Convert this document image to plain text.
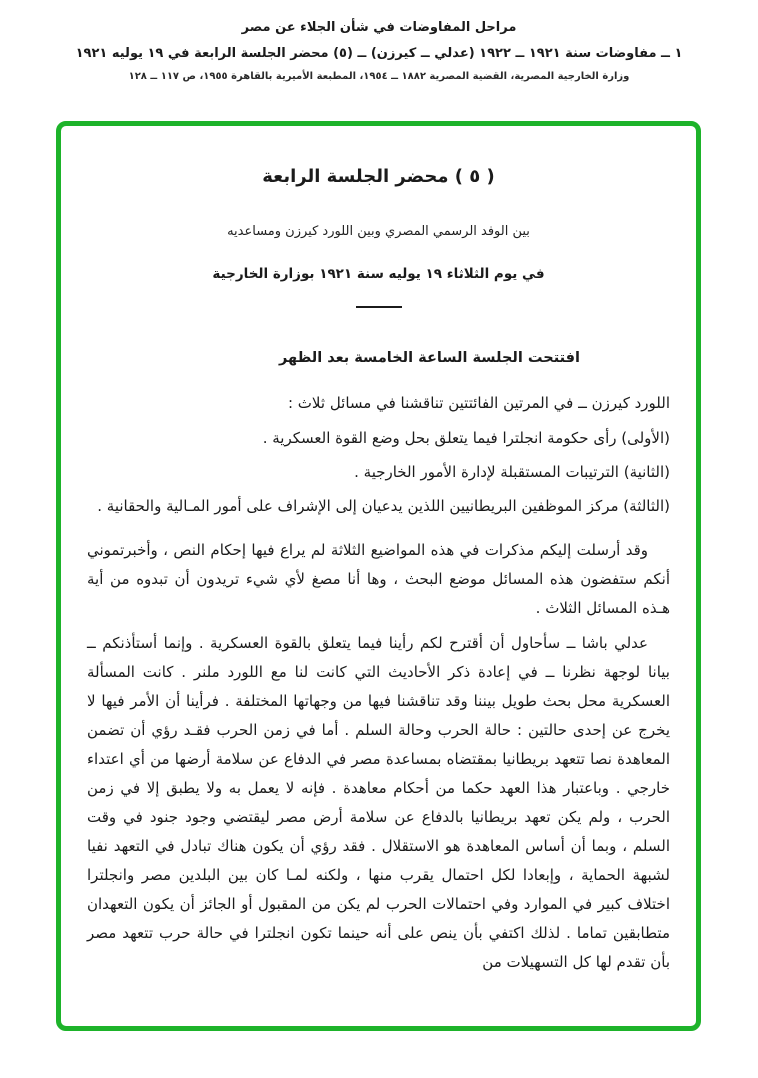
مراحل المفاوضات في شأن الجلاء عن مصر
١ ــ مفاوضات سنة ١٩٢١ ــ ١٩٢٢ (عدلي ــ كيرزن) ــ (٥) محضر الجلسة الرابعة في ١٩ يوليه ١٩٢١
وزارة الخارجية المصرية، القضية المصرية ١٨٨٢ ــ ١٩٥٤، المطبعة الأميرية بالقاهرة ١٩٥٥، ص ١١٧ ــ ١٢٨
( ٥ ) محضر الجلسة الرابعة
بين الوفد الرسمي المصري وبين اللورد كيرزن ومساعديه
في يوم الثلاثاء ١٩ يوليه سنة ١٩٢١ بوزارة الخارجية

افتتحت الجلسة الساعة الخامسة بعد الظهر

اللورد كيرزن ــ في المرتين الفائتتين تناقشنا في مسائل ثلاث :

(الأولى) رأى حكومة انجلترا فيما يتعلق بحل وضع القوة العسكرية .

(الثانية) الترتيبات المستقبلة لإدارة الأمور الخارجية .

(الثالثة) مركز الموظفين البريطانيين اللذين يدعيان إلى الإشراف على أمور المـالية والحقانية .

وقد أرسلت إليكم مذكرات في هذه المواضيع الثلاثة لم يراع فيها إحكام النص ، وأخبرتموني أنكم ستفضون هذه المسائل موضع البحث ، وها أنا مصغ لأي شيء تريدون أن تبدوه من أية هـذه المسائل الثلاث .

عدلي باشا ــ سأحاول أن أقترح لكم رأينا فيما يتعلق بالقوة العسكرية . وإنما أستأذنكم ــ بيانا لوجهة نظرنا ــ في إعادة ذكر الأحاديث التي كانت لنا مع اللورد ملنر . كانت المسألة العسكرية محل بحث طويل بيننا وقد تناقشنا فيها من وجهاتها المختلفة . فرأينا أن الأمر فيها لا يخرج عن إحدى حالتين : حالة الحرب وحالة السلم . أما في زمن الحرب فقـد رؤي أن تضمن المعاهدة نصا تتعهد بريطانيا بمقتضاه بمساعدة مصر في الدفاع عن سلامة أرضها من أي اعتداء خارجي . وباعتبار هذا العهد حكما من أحكام معاهدة . فإنه لا يعمل به ولا يطبق إلا في زمن الحرب ، ولم يكن تعهد بريطانيا بالدفاع عن سلامة أرض مصر ليقتضي وجود جنود في وقت السلم ، وبما أن أساس المعاهدة هو الاستقلال . فقد رؤي أن يكون هناك تبادل في التعهد نفيا لشبهة الحماية ، وإبعادا لكل احتمال يقرب منها ، ولكنه لمـا كان بين البلدين مصر وانجلترا اختلاف كبير في الموارد وفي احتمالات الحرب لم يكن من المقبول أو الجائز أن يكون التعهدان متطابقين تماما . لذلك اكتفي بأن ينص على أنه حينما تكون انجلترا في حالة حرب تتعهد مصر بأن تقدم لها كل التسهيلات من
